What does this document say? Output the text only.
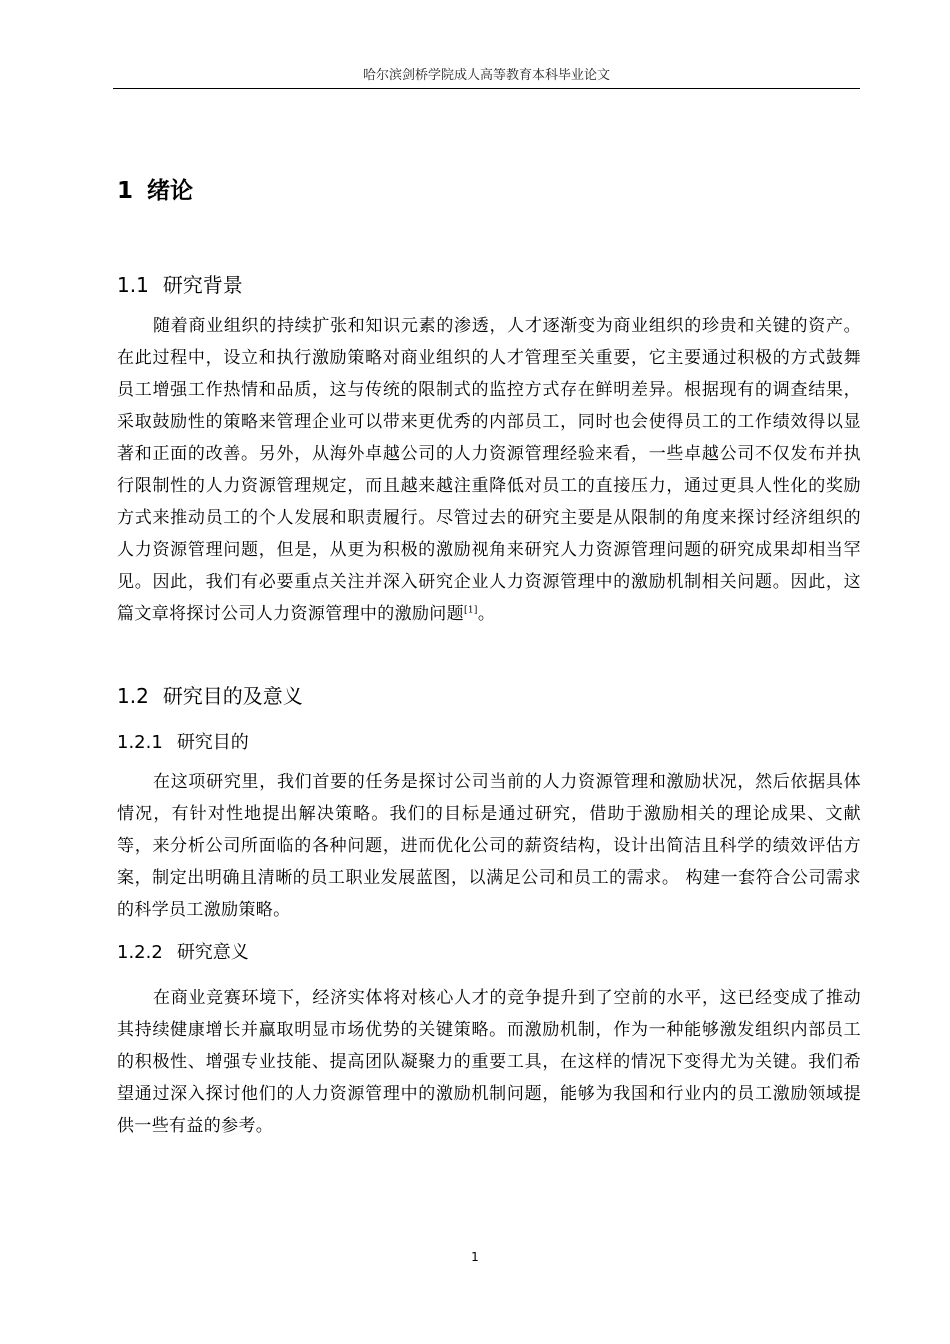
哈尔滨剑桥学院成人高等教育本科毕业论文
1 绪论
1.1 研究背景

随着商业组织的持续扩张和知识元素的渗透，人才逐渐变为商业组织的珍贵和关键的资产。在此过程中，设立和执行激励策略对商业组织的人才管理至关重要，它主要通过积极的方式鼓舞员工增强工作热情和品质，这与传统的限制式的监控方式存在鲜明差异。根据现有的调查结果，采取鼓励性的策略来管理企业可以带来更优秀的内部员工，同时也会使得员工的工作绩效得以显著和正面的改善。另外，从海外卓越公司的人力资源管理经验来看，一些卓越公司不仅发布并执行限制性的人力资源管理规定，而且越来越注重降低对员工的直接压力，通过更具人性化的奖励方式来推动员工的个人发展和职责履行。尽管过去的研究主要是从限制的角度来探讨经济组织的人力资源管理问题，但是，从更为积极的激励视角来研究人力资源管理问题的研究成果却相当罕见。因此，我们有必要重点关注并深入研究企业人力资源管理中的激励机制相关问题。因此，这篇文章将探讨公司人力资源管理中的激励问题[1]。

1.2 研究目的及意义
1.2.1 研究目的

在这项研究里，我们首要的任务是探讨公司当前的人力资源管理和激励状况，然后依据具体情况，有针对性地提出解决策略。我们的目标是通过研究，借助于激励相关的理论成果、文献等，来分析公司所面临的各种问题，进而优化公司的薪资结构，设计出简洁且科学的绩效评估方案，制定出明确且清晰的员工职业发展蓝图，以满足公司和员工的需求。 构建一套符合公司需求的科学员工激励策略。

1.2.2 研究意义

在商业竞赛环境下，经济实体将对核心人才的竞争提升到了空前的水平，这已经变成了推动其持续健康增长并赢取明显市场优势的关键策略。而激励机制，作为一种能够激发组织内部员工的积极性、增强专业技能、提高团队凝聚力的重要工具，在这样的情况下变得尤为关键。我们希望通过深入探讨他们的人力资源管理中的激励机制问题，能够为我国和行业内的员工激励领域提供一些有益的参考。

1
